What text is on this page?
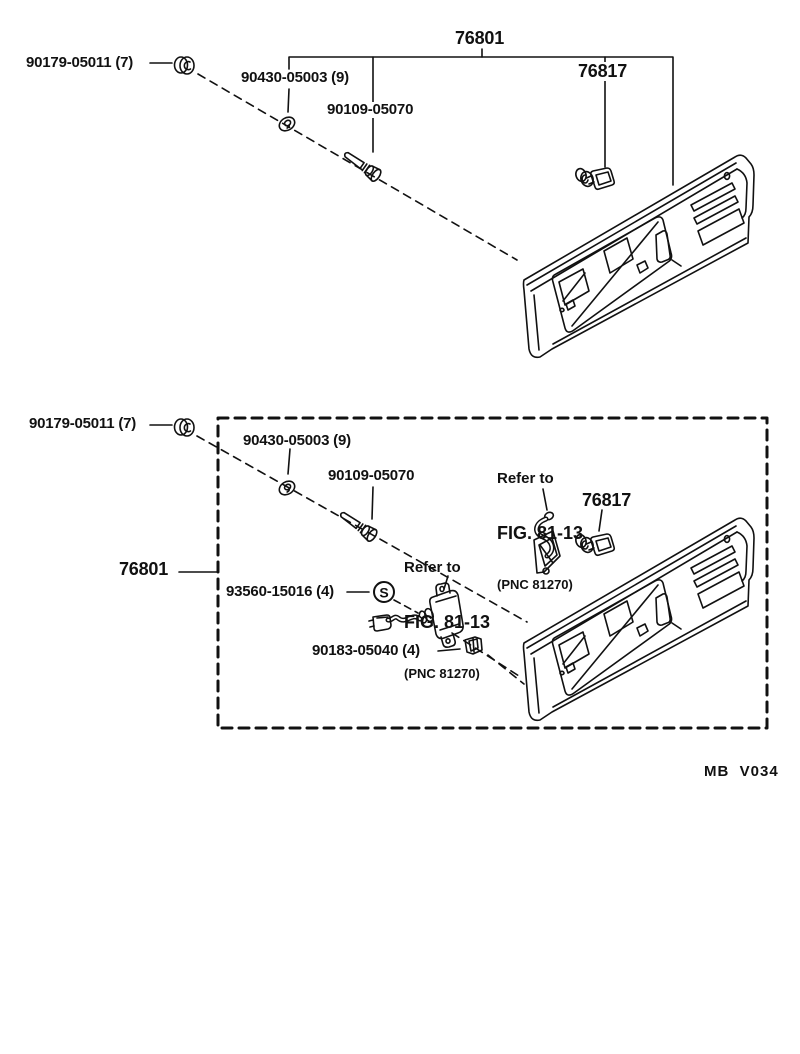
S
90179-05011 (7)
90430-05003 (9)
76801
76817
90109-05070
90179-05011 (7)
90430-05003 (9)
90109-05070
76801
93560-15016 (4)
90183-05040 (4)
76817

Refer to

FIG. 81-13

(PNC 81270)

Refer to

FIG. 81-13

(PNC 81270)

MB  V034
